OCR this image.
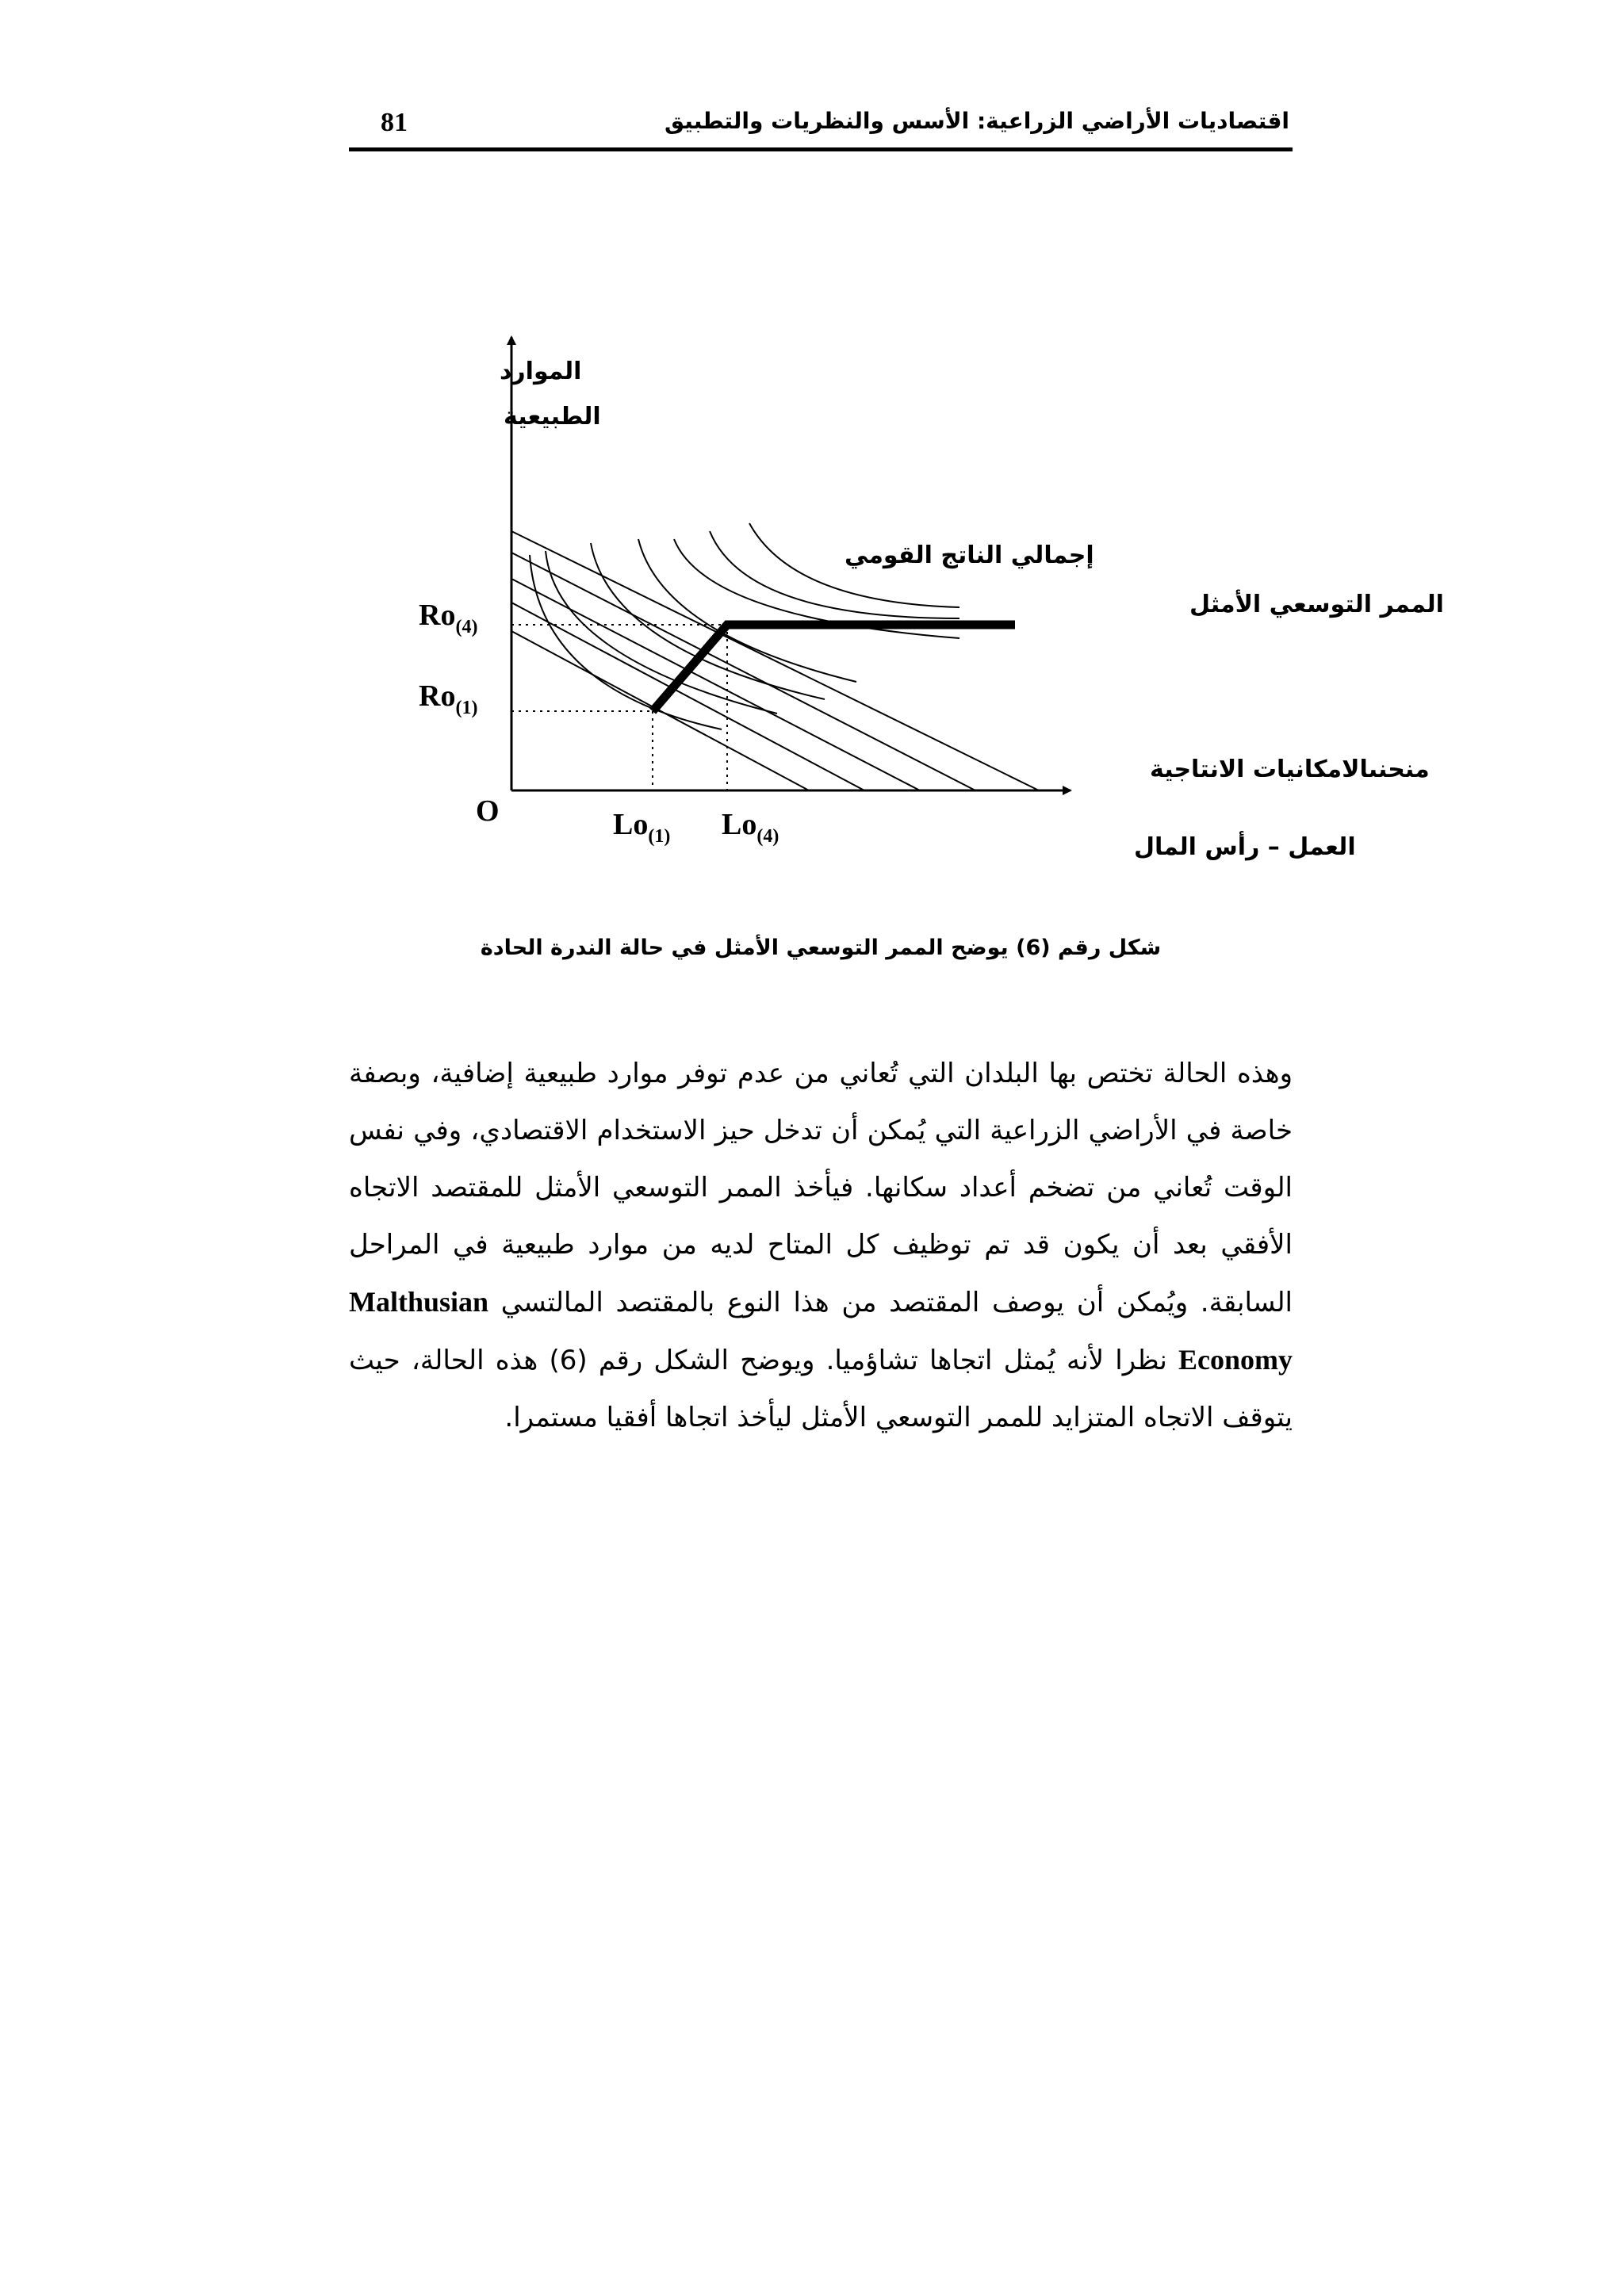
81	اقتصاديات الأراضي الزراعية: الأسس والنظريات والتطبيق
الموارد
الطبيعية
إجمالي الناتج القومي
الممر التوسعي الأمثل
منحنىالامكانيات الانتاجية
العمل – رأس المال
O
$Ro_{(4)}$
$Ro_{(1)}$
$Lo_{(1)}$ $Lo_{(4)}$
شكل رقم (6) يوضح الممر التوسعي الأمثل في حالة الندرة الحادة
وهذه الحالة تختص بها البلدان التي تُعاني من عدم توفر موارد طبيعية إضافية، وبصفة خاصة في الأراضي الزراعية التي يُمكن أن تدخل حيز الاستخدام الاقتصادي، وفي نفس الوقت تُعاني من تضخم أعداد سكانها. فيأخذ الممر التوسعي الأمثل للمقتصد الاتجاه الأفقي بعد أن يكون قد تم توظيف كل المتاح لديه من موارد طبيعية في المراحل السابقة. ويُمكن أن يوصف المقتصد من هذا النوع بالمقتصد المالتسي Malthusian Economy نظرا لأنه يُمثل اتجاها تشاؤميا. ويوضح الشكل رقم (6) هذه الحالة، حيث يتوقف الاتجاه المتزايد للممر التوسعي الأمثل ليأخذ اتجاها أفقيا مستمرا.
